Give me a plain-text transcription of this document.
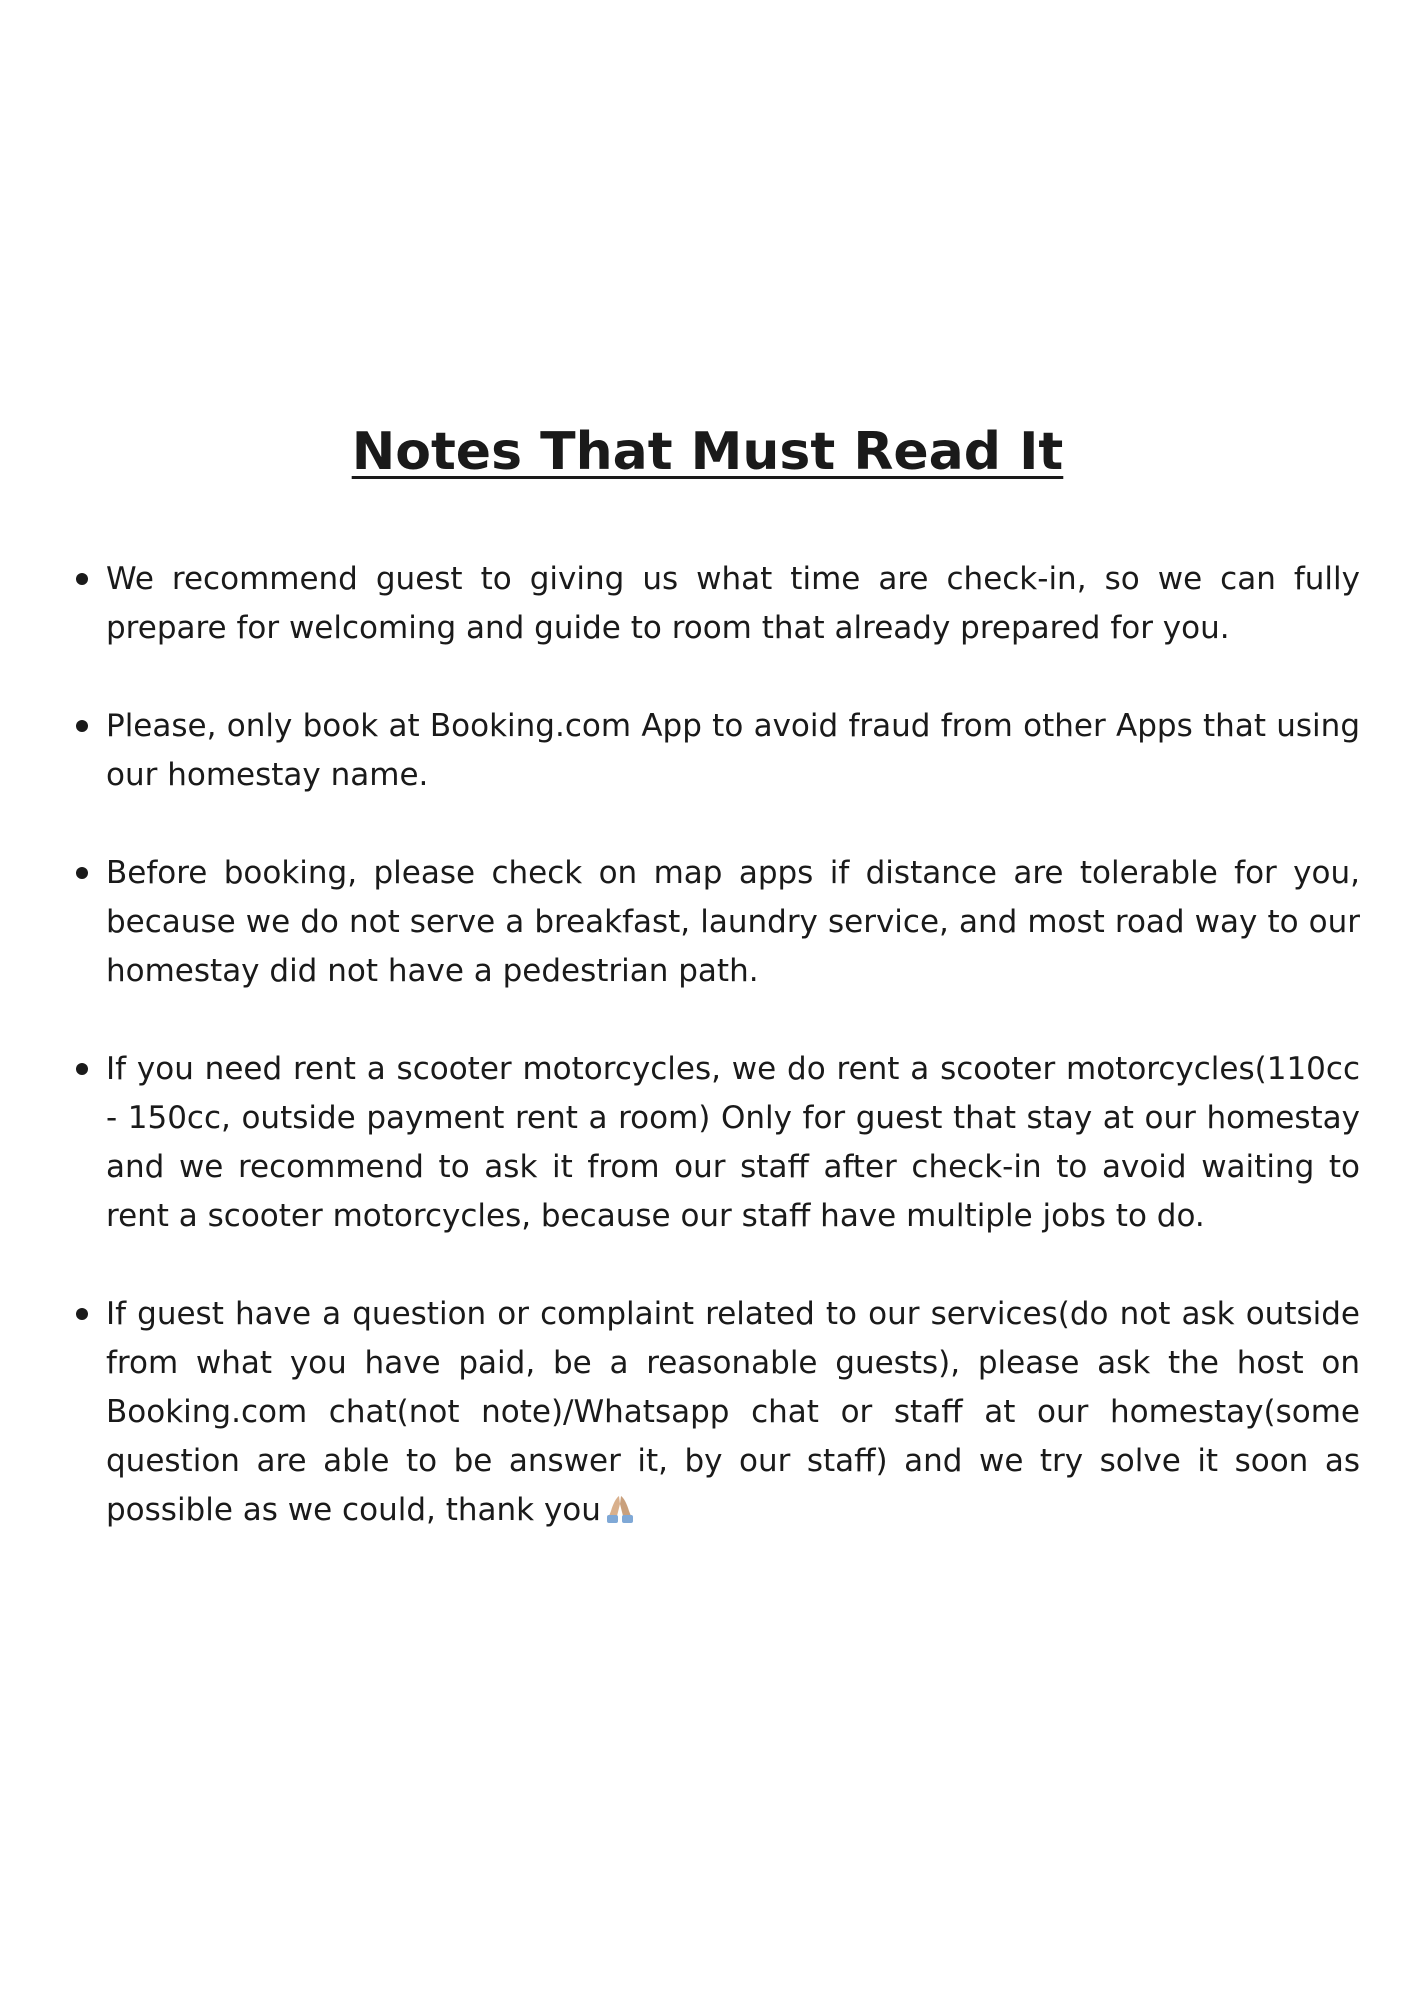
Notes That Must Read It
We recommend guest to giving us what time are check-in, so we can fully prepare for welcoming and guide to room that already prepared for you.
Please, only book at Booking.com App to avoid fraud from other Apps that using our homestay name.
Before booking, please check on map apps if distance are tolerable for you, because we do not serve a breakfast, laundry service, and most road way to our homestay did not have a pedestrian path.
If you need rent a scooter motorcycles, we do rent a scooter motorcycles(110cc - 150cc, outside payment rent a room) Only for guest that stay at our homestay and we recommend to ask it from our staff after check-in to avoid waiting to rent a scooter motorcycles, because our staff have multiple jobs to do.
If guest have a question or complaint related to our services(do not ask outside from what you have paid, be a reasonable guests), please ask the host on Booking.com chat(not note)/Whatsapp chat or staff at our homestay(some question are able to be answer it, by our staff) and we try solve it soon as possible as we could, thank you
